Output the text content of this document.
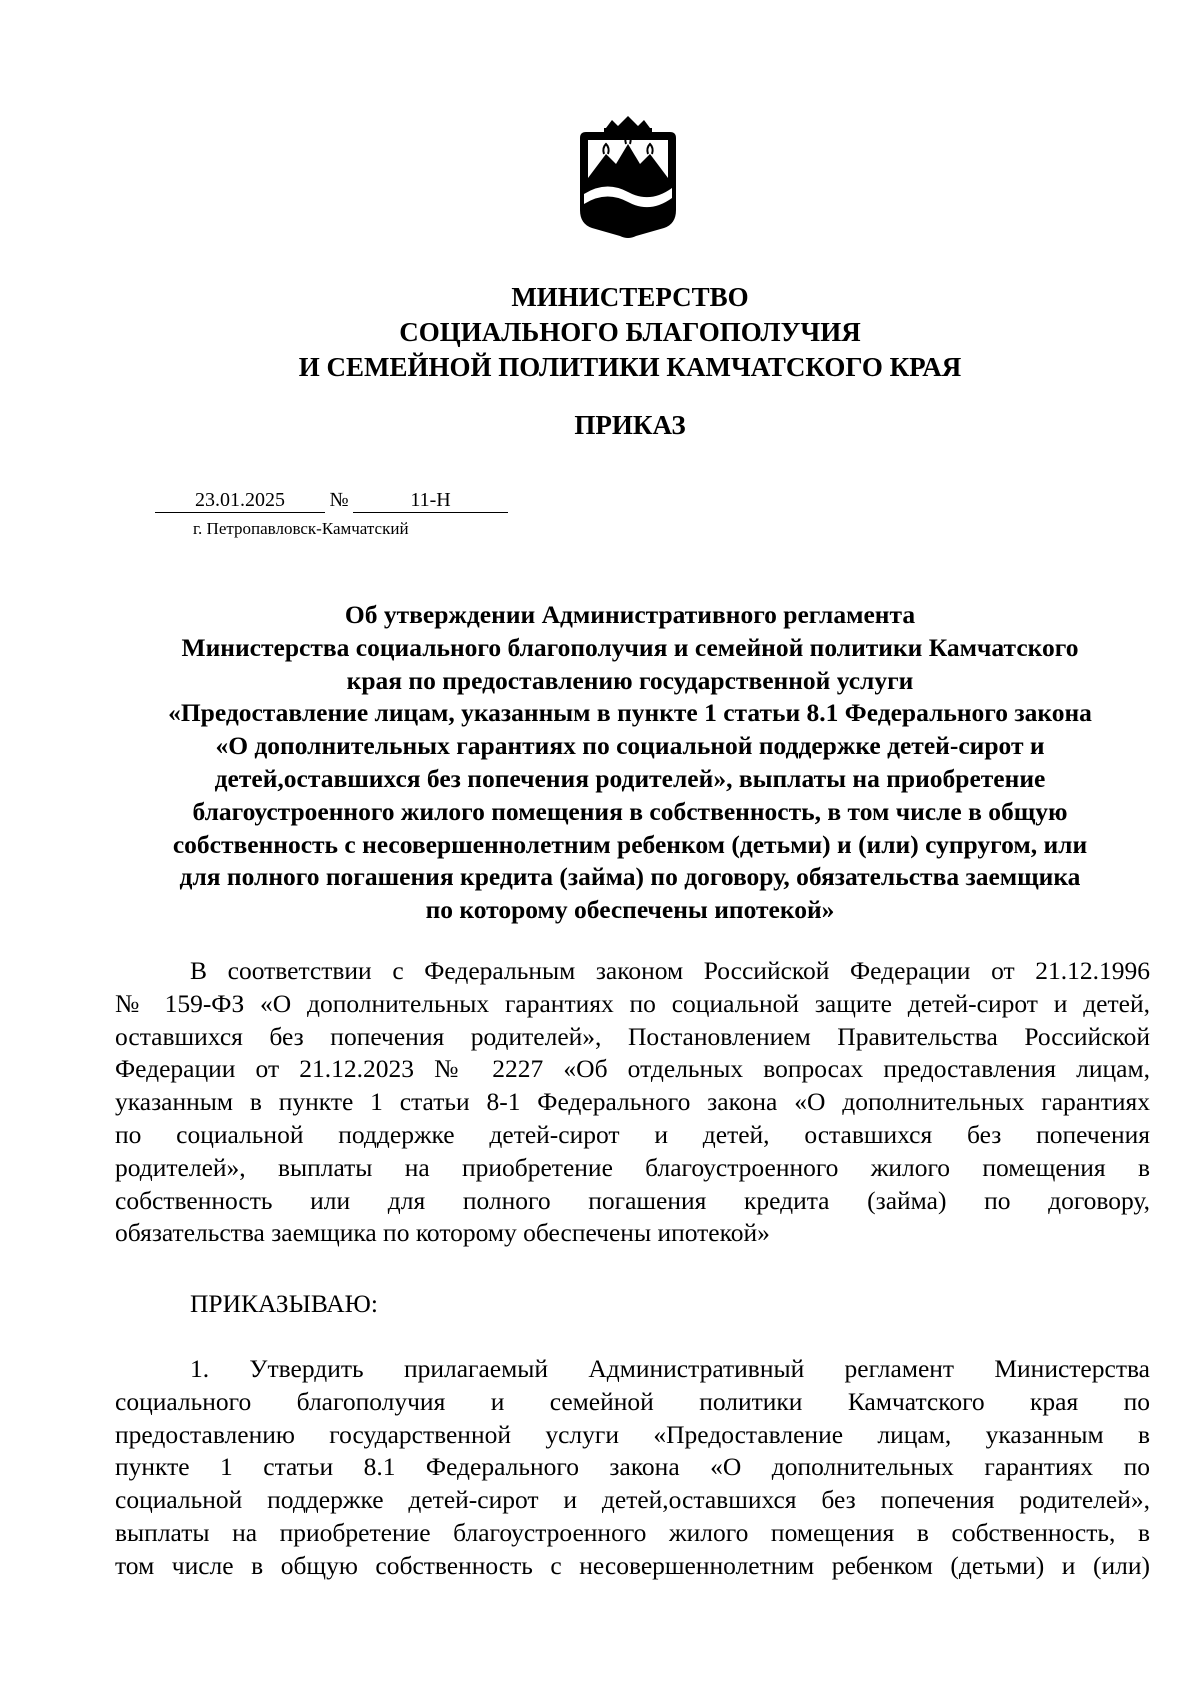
МИНИСТЕРСТВО
СОЦИАЛЬНОГО БЛАГОПОЛУЧИЯ
И СЕМЕЙНОЙ ПОЛИТИКИ КАМЧАТСКОГО КРАЯ
ПРИКАЗ
23.01.2025 №	11-Н
г. Петропавловск-Камчатский
Об утверждении Административного регламента
Министерства социального благополучия и семейной политики Камчатского
края по предоставлению государственной услуги
«Предоставление лицам, указанным в пункте 1 статьи 8.1 Федерального закона
«О дополнительных гарантиях по социальной поддержке детей-сирот и
детей,оставшихся без попечения родителей», выплаты на приобретение
благоустроенного жилого помещения в собственность, в том числе в общую
собственность с несовершеннолетним ребенком (детьми) и (или) супругом, или
для полного погашения кредита (займа) по договору, обязательства заемщика
по которому обеспечены ипотекой»
В соответствии с Федеральным законом Российской Федерации от 21.12.1996
№ 159-ФЗ «О дополнительных гарантиях по социальной защите детей-сирот и детей,
оставшихся без попечения родителей», Постановлением Правительства Российской
Федерации от 21.12.2023 № 2227 «Об отдельных вопросах предоставления лицам,
указанным в пункте 1 статьи 8-1 Федерального закона «О дополнительных гарантиях
по социальной поддержке детей-сирот и детей, оставшихся без попечения
родителей», выплаты на приобретение благоустроенного жилого помещения в
собственность или для полного погашения кредита (займа) по договору,
обязательства заемщика по которому обеспечены ипотекой»
ПРИКАЗЫВАЮ:
1. Утвердить прилагаемый Административный регламент Министерства
социального благополучия и семейной политики Камчатского края по
предоставлению государственной услуги «Предоставление лицам, указанным в
пункте 1 статьи 8.1 Федерального закона «О дополнительных гарантиях по
социальной поддержке детей-сирот и детей,оставшихся без попечения родителей»,
выплаты на приобретение благоустроенного жилого помещения в собственность, в
том числе в общую собственность с несовершеннолетним ребенком (детьми) и (или)
